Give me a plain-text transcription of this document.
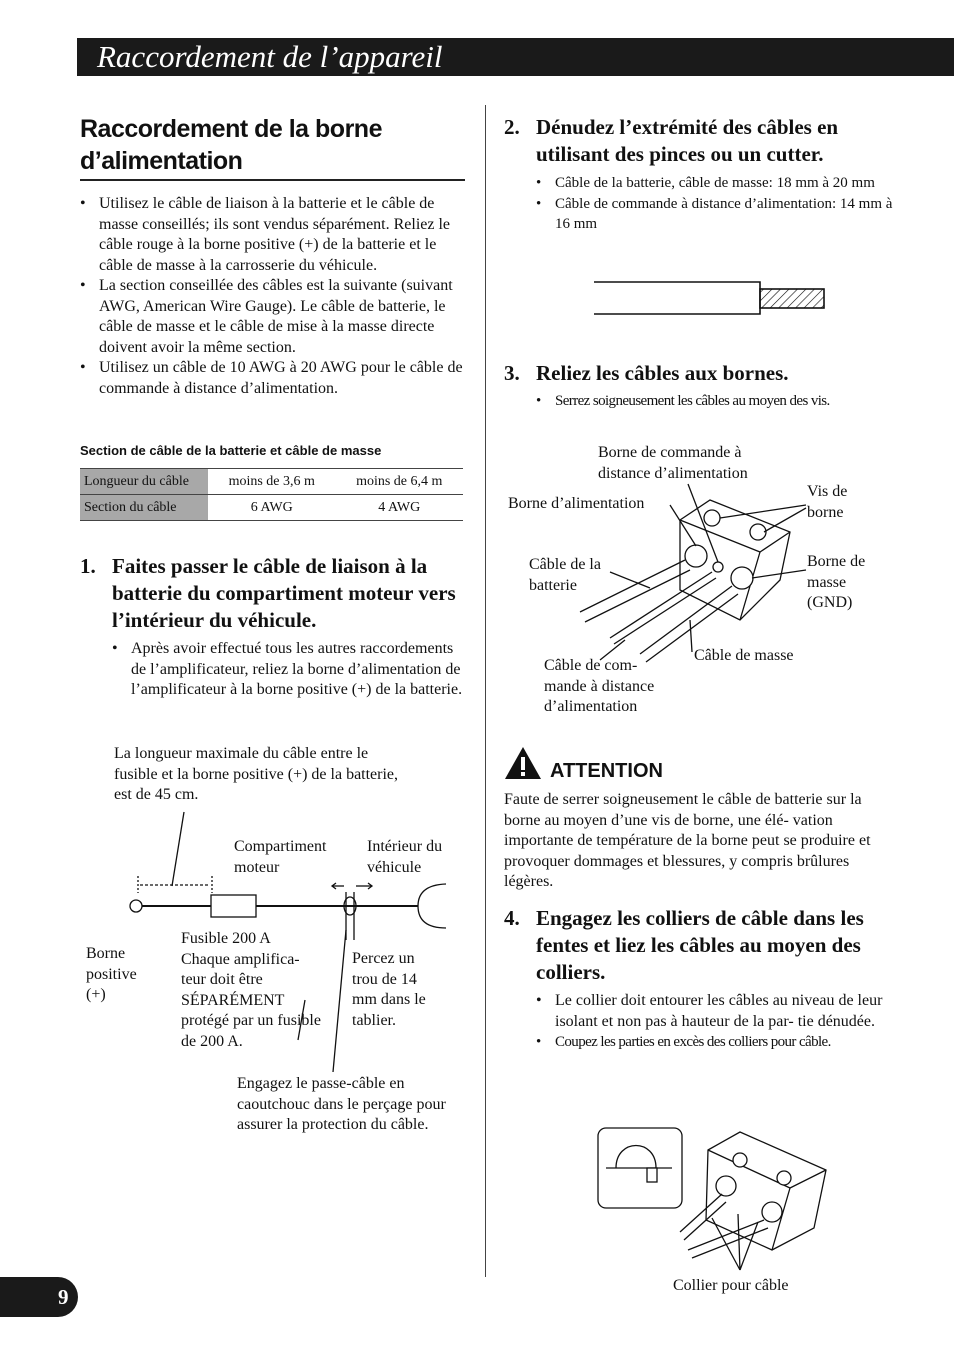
Raccordement de l’appareil
Raccordement de la borne d’alimentation
• Utilisez le câble de liaison à la batterie et le câble de masse conseillés; ils sont vendus séparément. Reliez le câble rouge à la borne positive (+) de la batterie et le câble de masse à la carrosserie du véhicule.
• La section conseillée des câbles est la suivante (suivant AWG, American Wire Gauge). Le câble de batterie, le câble de masse et le câble de mise à la masse directe doivent avoir la même section.
• Utilisez un câble de 10 AWG à 20 AWG pour le câble de commande à distance d’alimentation.
Section de câble de la batterie et câble de masse
Longueur du câble	moins de 3,6 m	moins de 6,4 m
Section du câble	6 AWG	4 AWG
1. Faites passer le câble de liaison à la batterie du compartiment moteur vers l’intérieur du véhicule.
• Après avoir effectué tous les autres raccordements de l’amplificateur, reliez la borne d’alimentation de l’amplificateur à la borne positive (+) de la batterie.
La longueur maximale du câble entre le fusible et la borne positive (+) de la batterie, est de 45 cm.
Compartiment moteur
Intérieur du véhicule
Borne positive (+)
Fusible 200 A Chaque amplifica- teur doit être SÉPARÉMENT protégé par un fusible de 200 A.
Percez un trou de 14 mm dans le tablier.
Engagez le passe-câble en caoutchouc dans le perçage pour assurer la protection du câble.
2. Dénudez l’extrémité des câbles en utilisant des pinces ou un cutter.
• Câble de la batterie, câble de masse: 18 mm à 20 mm
• Câble de commande à distance d’alimentation: 14 mm à 16 mm
3. Reliez les câbles aux bornes.
• Serrez soigneusement les câbles au moyen des vis.
Borne de commande à distance d’alimentation
Borne d’alimentation
Vis de borne
Câble de la batterie
Borne de masse (GND)
Câble de masse
Câble de com- mande à distance d’alimentation
ATTENTION
Faute de serrer soigneusement le câble de batterie sur la borne au moyen d’une vis de borne, une élé- vation importante de température de la borne peut se produire et provoquer dommages et blessures, y compris brûlures légères.
4. Engagez les colliers de câble dans les fentes et liez les câbles au moyen des colliers.
• Le collier doit entourer les câbles au niveau de leur isolant et non pas à hauteur de la par- tie dénudée.
• Coupez les parties en excès des colliers pour câble.
Collier pour câble
9
